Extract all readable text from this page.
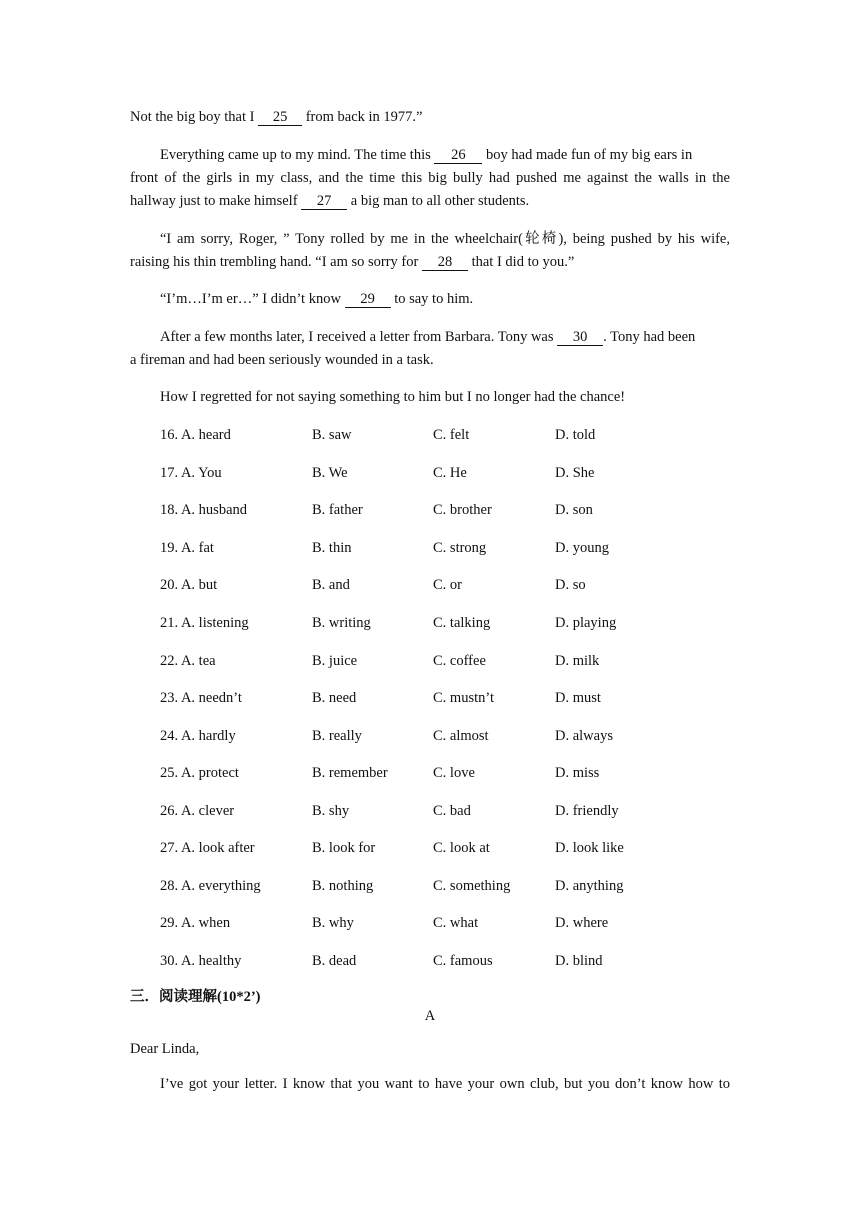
Not the big boy that I 25 from back in 1977.”
Everything came up to my mind. The time this 26 boy had made fun of my big ears in
front of the girls in my class, and the time this big bully had pushed me against the walls in the
hallway just to make himself 27 a big man to all other students.
“I am sorry, Roger, ” Tony rolled by me in the wheelchair(轮椅), being pushed by his wife,
raising his thin trembling hand. “I am so sorry for 28 that I did to you.”
“I’m…I’m er…” I didn’t know 29 to say to him.
After a few months later, I received a letter from Barbara. Tony was 30 . Tony had been
a fireman and had been seriously wounded in a task.
How I regretted for not saying something to him but I no longer had the chance!
16. A. heard	B. saw	C. felt	D. told
17. A. You	B. We	C. He	D. She
18. A. husband	B. father	C. brother	D. son
19. A. fat	B. thin	C. strong	D. young
20. A. but	B. and	C. or	D. so
21. A. listening	B. writing	C. talking	D. playing
22. A. tea	B. juice	C. coffee	D. milk
23. A. needn’t	B. need	C. mustn’t	D. must
24. A. hardly	B. really	C. almost	D. always
25. A. protect	B. remember	C. love	D. miss
26. A. clever	B. shy	C. bad	D. friendly
27. A. look after	B. look for	C. look at	D. look like
28. A. everything	B. nothing	C. something	D. anything
29. A. when	B. why	C. what	D. where
30. A. healthy	B. dead	C. famous	D. blind
三．阅读理解(10*2’)
A
Dear Linda,
I’ve got your letter. I know that you want to have your own club, but you don’t know how to
